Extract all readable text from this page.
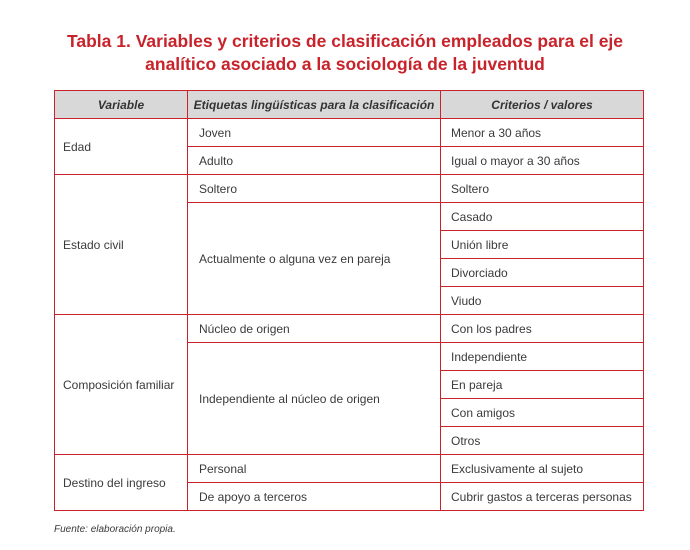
Tabla 1. Variables y criterios de clasificación empleados para el eje
analítico asociado a la sociología de la juventud
Variable	Etiquetas lingüísticas para la clasificación	Criterios / valores
Edad	Joven	Menor a 30 años
	Adulto	Igual o mayor a 30 años
Estado civil	Soltero	Soltero
	Actualmente o alguna vez en pareja	Casado
		Unión libre
		Divorciado
		Viudo
Composición familiar	Núcleo de origen	Con los padres
	Independiente al núcleo de origen	Independiente
		En pareja
		Con amigos
		Otros
Destino del ingreso	Personal	Exclusivamente al sujeto
	De apoyo a terceros	Cubrir gastos a terceras personas
Fuente: elaboración propia.
